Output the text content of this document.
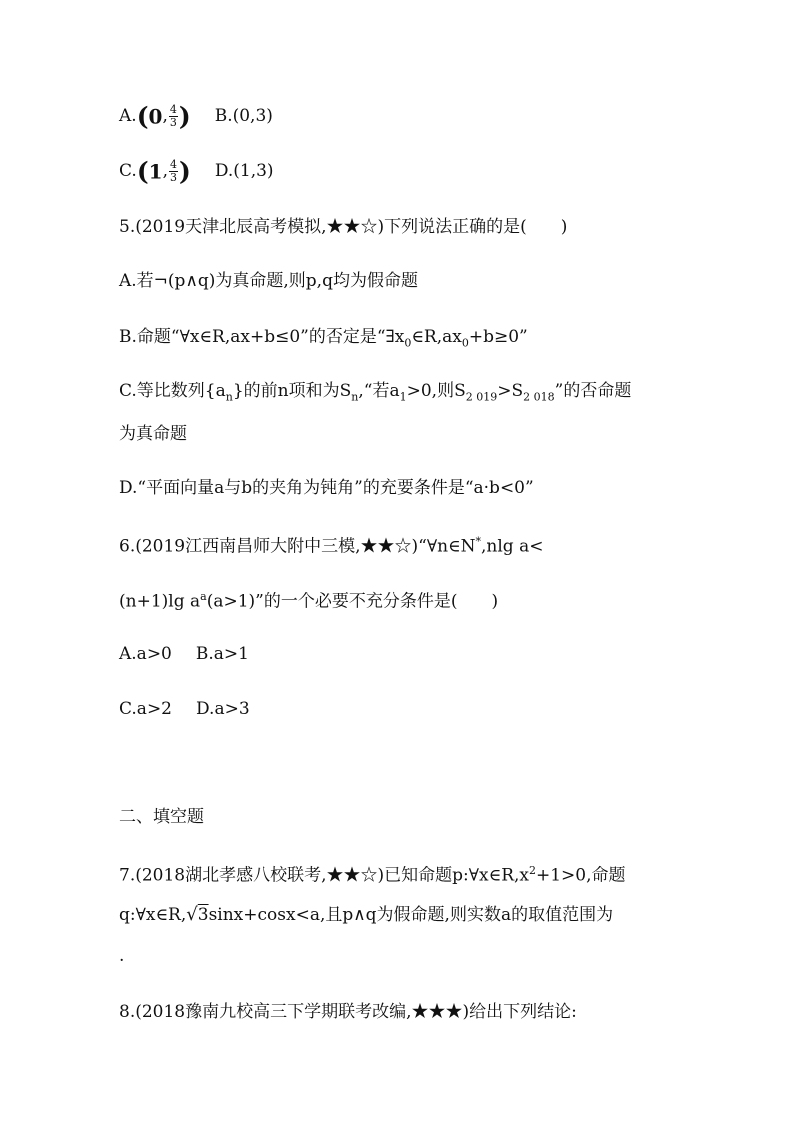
A.(0, $\frac{4}{3}$ ) B.(0,3)
C.(1, $\frac{4}{3}$ ) D.(1,3)
5.(2019天津北辰高考模拟,★★☆)下列说法正确的是(　　)
A.若¬(p∧q)为真命题,则p,q均为假命题
B.命题“∀x∈R,ax+b≤0”的否定是“$\exists x_0\in R,ax_0+b\ge 0$”
C.等比数列$\{a_n\}$的前n项和为$S_n,“$若$a_1>0$,则$S_{2 019}>S_{2 018}$”的否命题
为真命题
D.“平面向量a与b的夹角为钝角”的充要条件是“a·b<0”
6.(2019江西南昌师大附中三模,★★☆)“∀n∈N*,nlg a<
(n+1)lg $a^a(a>1)$”的一个必要不充分条件是(　　)
A.a>0 B.a>1
C.a>2 D.a>3
二、填空题
7.(2018湖北孝感八校联考,★★☆)已知命题$p:\forall x\in R,x^2+1>0$,命题
q:∀x∈R,√3sinx+cosx<a,且p∧q为假命题,则实数a的取值范围为
.
8.(2018豫南九校高三下学期联考改编,★★★)给出下列结论:
